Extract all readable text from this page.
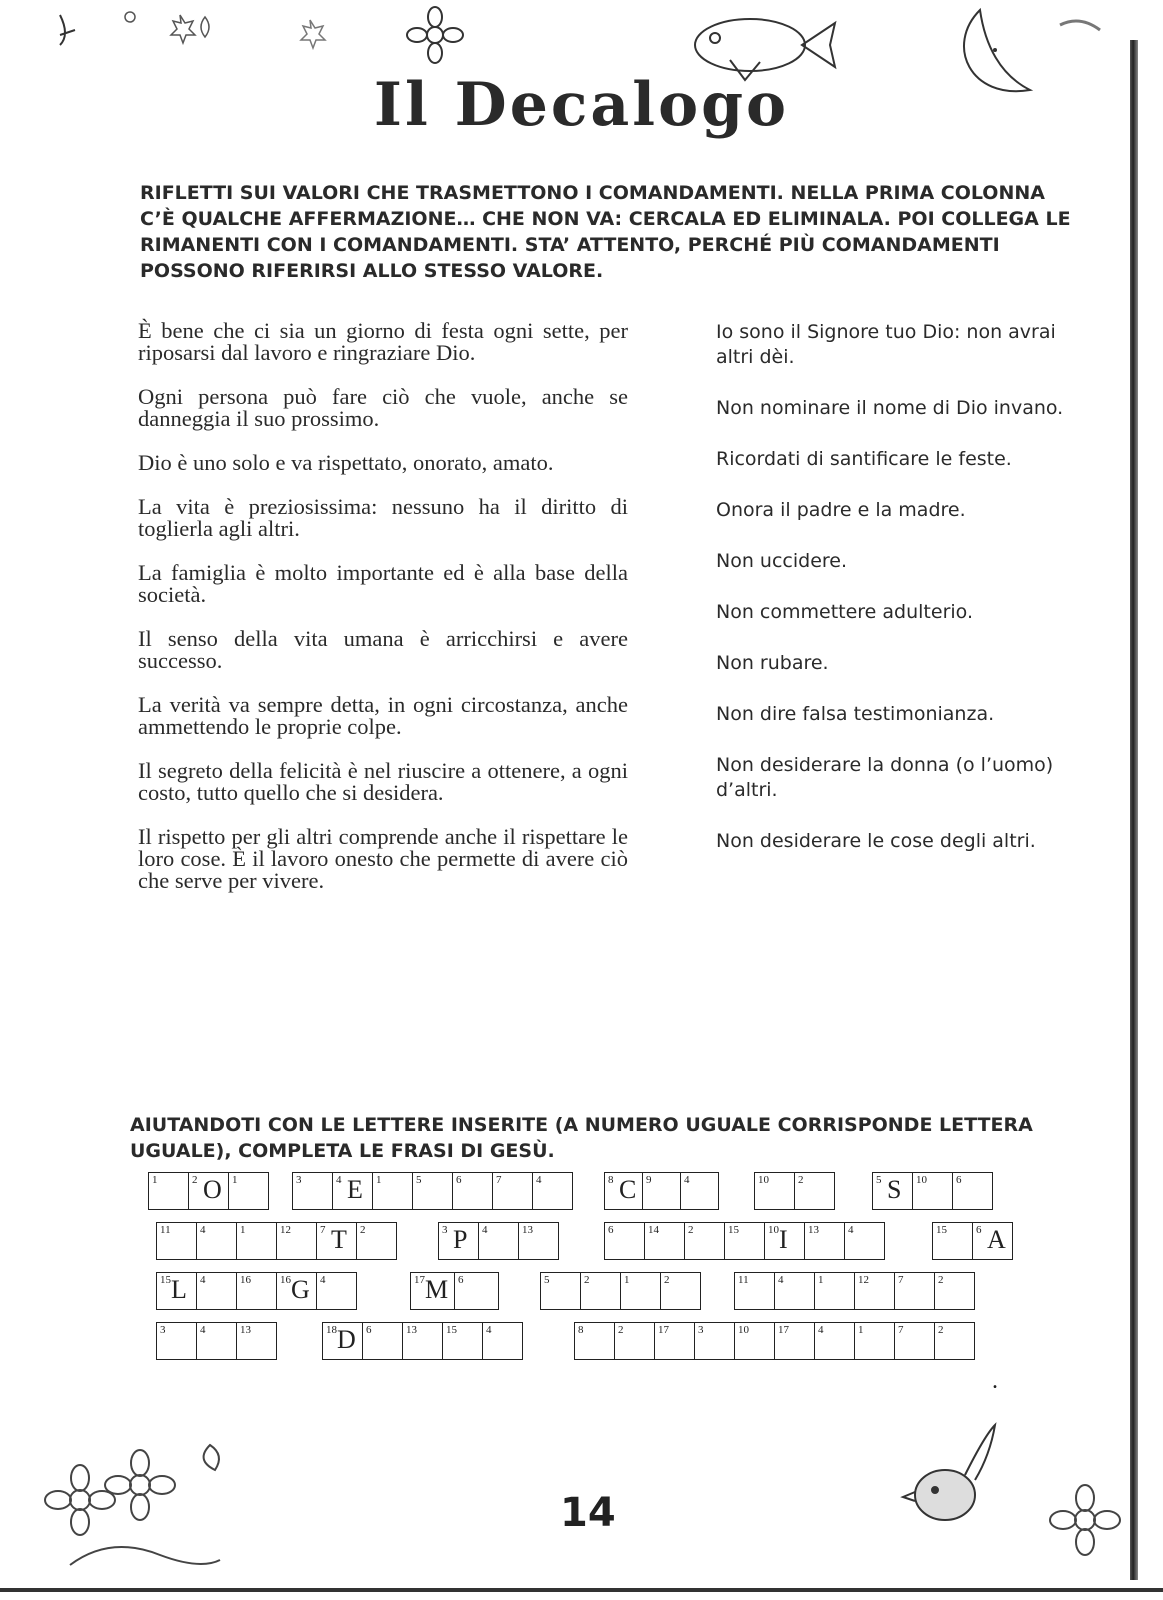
Il Decalogo
RIFLETTI SUI VALORI CHE TRASMETTONO I COMANDAMENTI. NELLA PRIMA COLONNA C’È QUALCHE AFFERMAZIONE… CHE NON VA: CERCALA ED ELIMINALA. POI COLLEGA LE RIMANENTI CON I COMANDAMENTI. STA’ ATTENTO, PERCHÉ PIÙ COMANDAMENTI POSSONO RIFERIRSI ALLO STESSO VALORE.

È bene che ci sia un giorno di festa ogni sette, per riposarsi dal lavoro e ringraziare Dio.

Ogni persona può fare ciò che vuole, anche se danneggia il suo prossimo.

Dio è uno solo e va rispettato, onorato, amato.

La vita è preziosissima: nessuno ha il diritto di toglierla agli altri.

La famiglia è molto importante ed è alla base della società.

Il senso della vita umana è arricchirsi e avere successo.

La verità va sempre detta, in ogni circostanza, anche ammettendo le proprie colpe.

Il segreto della felicità è nel riuscire a ottenere, a ogni costo, tutto quello che si desidera.

Il rispetto per gli altri comprende anche il rispettare le loro cose. È il lavoro onesto che permette di avere ciò che serve per vivere.

Io sono il Signore tuo Dio: non avrai altri dèi.

Non nominare il nome di Dio invano.

Ricordati di santificare le feste.

Onora il padre e la madre.

Non uccidere.

Non commettere adulterio.

Non rubare.

Non dire falsa testimonianza.

Non desiderare la donna (o l’uomo) d’altri.

Non desiderare le cose degli altri.

AIUTANDOTI CON LE LETTERE INSERITE (A NUMERO UGUALE CORRISPONDE LETTERA UGUALE), COMPLETA LE FRASI DI GESÙ.
1	2 O 1	3	4 E 1	5	6	7	4	8 C 9	4	10	2	5 S 10	6
11	4	1	12	7 T 2	3 P 4	13	6	14	2	15	10 I 13	4	15	6 A
15 L 4	16	16 G 4	17 M 6	5	2	1	2	11	4	1	12	7	2
3	4	13	18 D 6	13	15	4	8	2	17	3	10	17	4	1	7	2
.
14
